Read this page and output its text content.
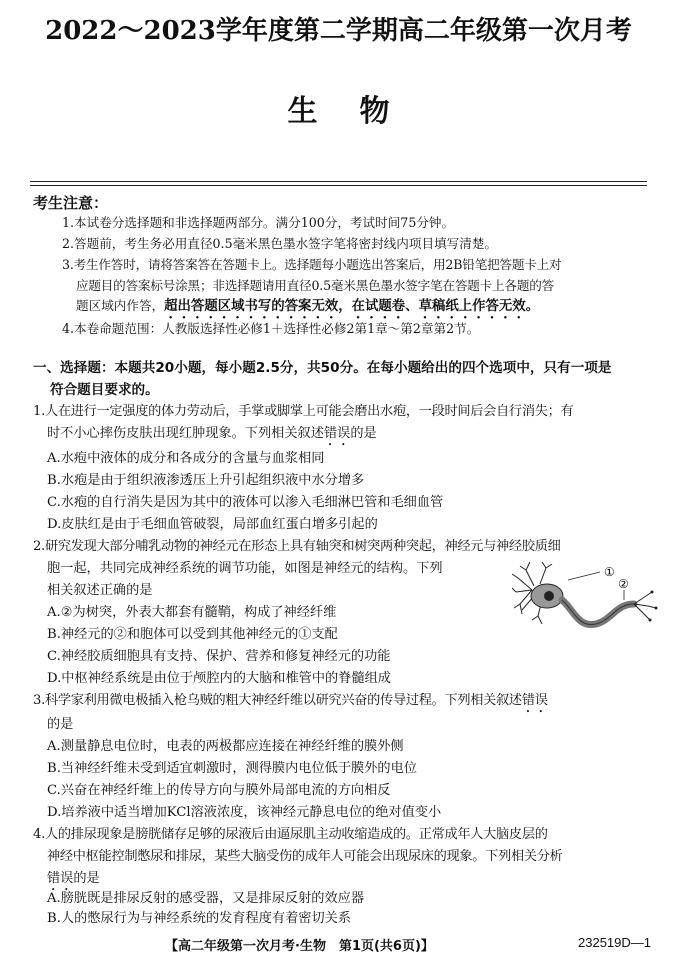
2022～2023学年度第二学期高二年级第一次月考
生物
考生注意：
1.本试卷分选择题和非选择题两部分。满分100分，考试时间75分钟。
2.答题前，考生务必用直径0.5毫米黑色墨水签字笔将密封线内项目填写清楚。
3.考生作答时，请将答案答在答题卡上。选择题每小题选出答案后，用2B铅笔把答题卡上对
应题目的答案标号涂黑；非选择题请用直径0.5毫米黑色墨水签字笔在答题卡上各题的答
题区域内作答，超出答题区域书写的答案无效，在试题卷、草稿纸上作答无效。
4.本卷命题范围：人教版选择性必修1＋选择性必修2第1章～第2章第2节。
一、选择题：本题共20小题，每小题2.5分，共50分。在每小题给出的四个选项中，只有一项是
符合题目要求的。
1.人在进行一定强度的体力劳动后，手掌或脚掌上可能会磨出水疱，一段时间后会自行消失；有
时不小心摔伤皮肤出现红肿现象。下列相关叙述错误的是
A.水疱中液体的成分和各成分的含量与血浆相同
B.水疱是由于组织液渗透压上升引起组织液中水分增多
C.水疱的自行消失是因为其中的液体可以渗入毛细淋巴管和毛细血管
D.皮肤红是由于毛细血管破裂，局部血红蛋白增多引起的
2.研究发现大部分哺乳动物的神经元在形态上具有轴突和树突两种突起，神经元与神经胶质细
胞一起，共同完成神经系统的调节功能，如图是神经元的结构。下列
相关叙述正确的是
A.②为树突，外表大都套有髓鞘，构成了神经纤维
B.神经元的②和胞体可以受到其他神经元的①支配
C.神经胶质细胞具有支持、保护、营养和修复神经元的功能
D.中枢神经系统是由位于颅腔内的大脑和椎管中的脊髓组成
①
②
3.科学家利用微电极插入枪乌贼的粗大神经纤维以研究兴奋的传导过程。下列相关叙述错误
的是
A.测量静息电位时，电表的两极都应连接在神经纤维的膜外侧
B.当神经纤维未受到适宜刺激时，测得膜内电位低于膜外的电位
C.兴奋在神经纤维上的传导方向与膜外局部电流的方向相反
D.培养液中适当增加KCl溶液浓度，该神经元静息电位的绝对值变小
4.人的排尿现象是膀胱储存足够的尿液后由逼尿肌主动收缩造成的。正常成年人大脑皮层的
神经中枢能控制憋尿和排尿，某些大脑受伤的成年人可能会出现尿床的现象。下列相关分析
错误的是
A.膀胱既是排尿反射的感受器，又是排尿反射的效应器
B.人的憋尿行为与神经系统的发育程度有着密切关系
【高二年级第一次月考·生物　第1页(共6页)】	232519D—1
